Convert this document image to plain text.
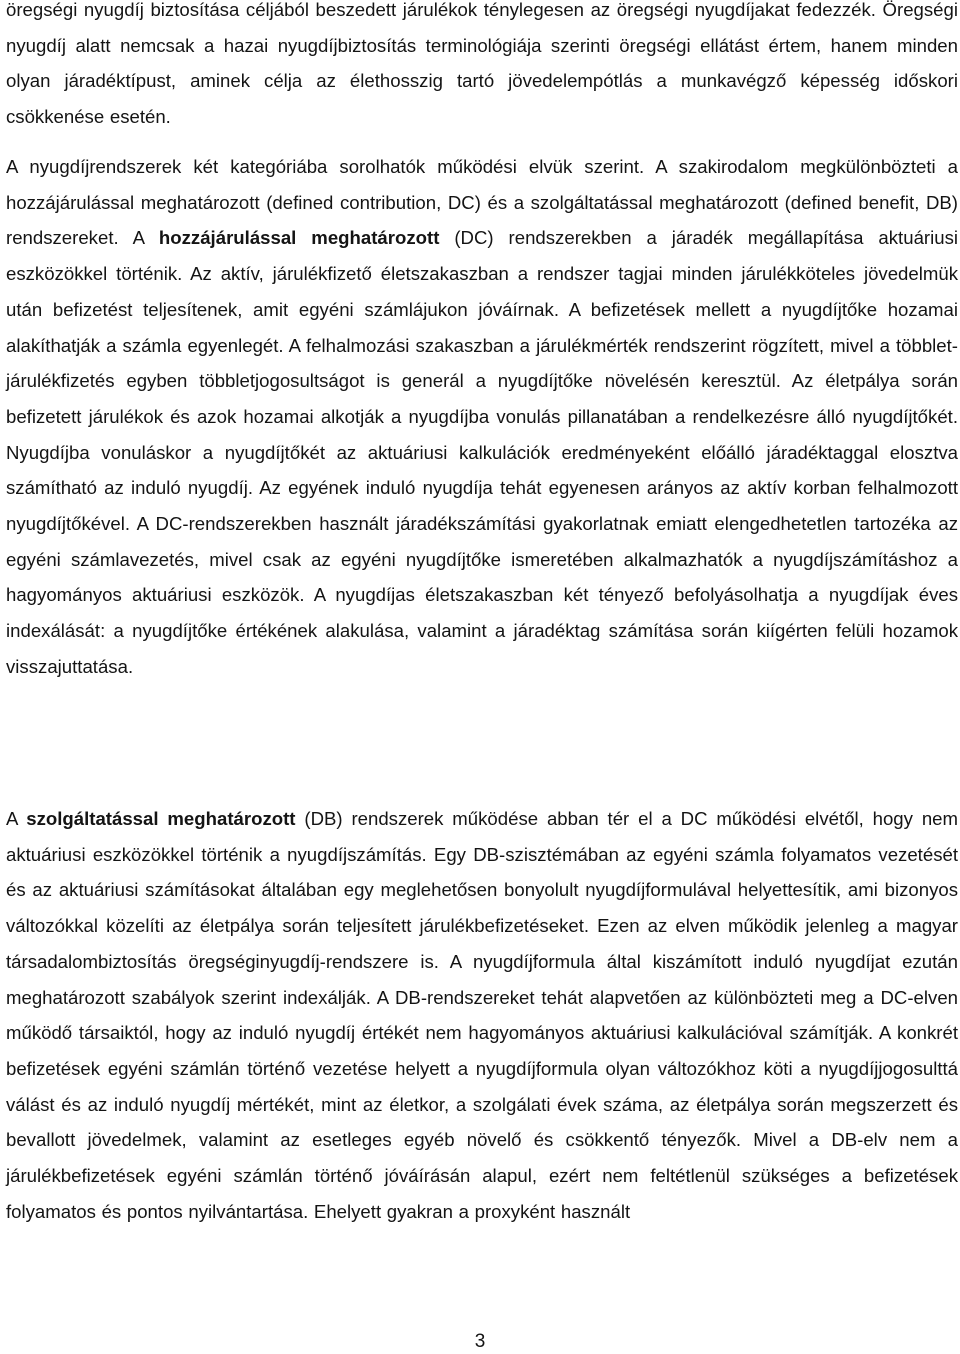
öregségi nyugdíj biztosítása céljából beszedett járulékok ténylegesen az öregségi nyugdíjakat fedezzék. Öregségi nyugdíj alatt nemcsak a hazai nyugdíjbiztosítás terminológiája szerinti öregségi ellátást értem, hanem minden olyan járadéktípust, aminek célja az élethosszig tartó jövedelempótlás a munkavégző képesség időskori csökkenése esetén.

A nyugdíjrendszerek két kategóriába sorolhatók működési elvük szerint. A szakirodalom megkülönbözteti a hozzájárulással meghatározott (defined contribution, DC) és a szolgáltatással meghatározott (defined benefit, DB) rendszereket. A hozzájárulással meghatározott (DC) rendszerekben a járadék megállapítása aktuáriusi eszközökkel történik. Az aktív, járulékfizető életszakaszban a rendszer tagjai minden járulékköteles jövedelmük után befizetést teljesítenek, amit egyéni számlájukon jóváírnak. A befizetések mellett a nyugdíjtőke hozamai alakíthatják a számla egyenlegét. A felhalmozási szakaszban a járulékmérték rendszerint rögzített, mivel a többlet-járulékfizetés egyben többletjogosultságot is generál a nyugdíjtőke növelésén keresztül. Az életpálya során befizetett járulékok és azok hozamai alkotják a nyugdíjba vonulás pillanatában a rendelkezésre álló nyugdíjtőkét. Nyugdíjba vonuláskor a nyugdíjtőkét az aktuáriusi kalkulációk eredményeként előálló járadéktaggal elosztva számítható az induló nyugdíj. Az egyének induló nyugdíja tehát egyenesen arányos az aktív korban felhalmozott nyugdíjtőkével. A DC-rendszerekben használt járadékszámítási gyakorlatnak emiatt elengedhetetlen tartozéka az egyéni számlavezetés, mivel csak az egyéni nyugdíjtőke ismeretében alkalmazhatók a nyugdíjszámításhoz a hagyományos aktuáriusi eszközök. A nyugdíjas életszakaszban két tényező befolyásolhatja a nyugdíjak éves indexálását: a nyugdíjtőke értékének alakulása, valamint a járadéktag számítása során kiígérten felüli hozamok visszajuttatása.

A szolgáltatással meghatározott (DB) rendszerek működése abban tér el a DC működési elvétől, hogy nem aktuáriusi eszközökkel történik a nyugdíjszámítás. Egy DB-szisztémában az egyéni számla folyamatos vezetését és az aktuáriusi számításokat általában egy meglehetősen bonyolult nyugdíjformulával helyettesítik, ami bizonyos változókkal közelíti az életpálya során teljesített járulékbefizetéseket. Ezen az elven működik jelenleg a magyar társadalombiztosítás öregséginyugdíj-rendszere is. A nyugdíjformula által kiszámított induló nyugdíjat ezután meghatározott szabályok szerint indexálják. A DB-rendszereket tehát alapvetően az különbözteti meg a DC-elven működő társaiktól, hogy az induló nyugdíj értékét nem hagyományos aktuáriusi kalkulációval számítják. A konkrét befizetések egyéni számlán történő vezetése helyett a nyugdíjformula olyan változókhoz köti a nyugdíjjogosulttá válást és az induló nyugdíj mértékét, mint az életkor, a szolgálati évek száma, az életpálya során megszerzett és bevallott jövedelmek, valamint az esetleges egyéb növelő és csökkentő tényezők. Mivel a DB-elv nem a járulékbefizetések egyéni számlán történő jóváírásán alapul, ezért nem feltétlenül szükséges a befizetések folyamatos és pontos nyilvántartása. Ehelyett gyakran a proxyként használt

3
